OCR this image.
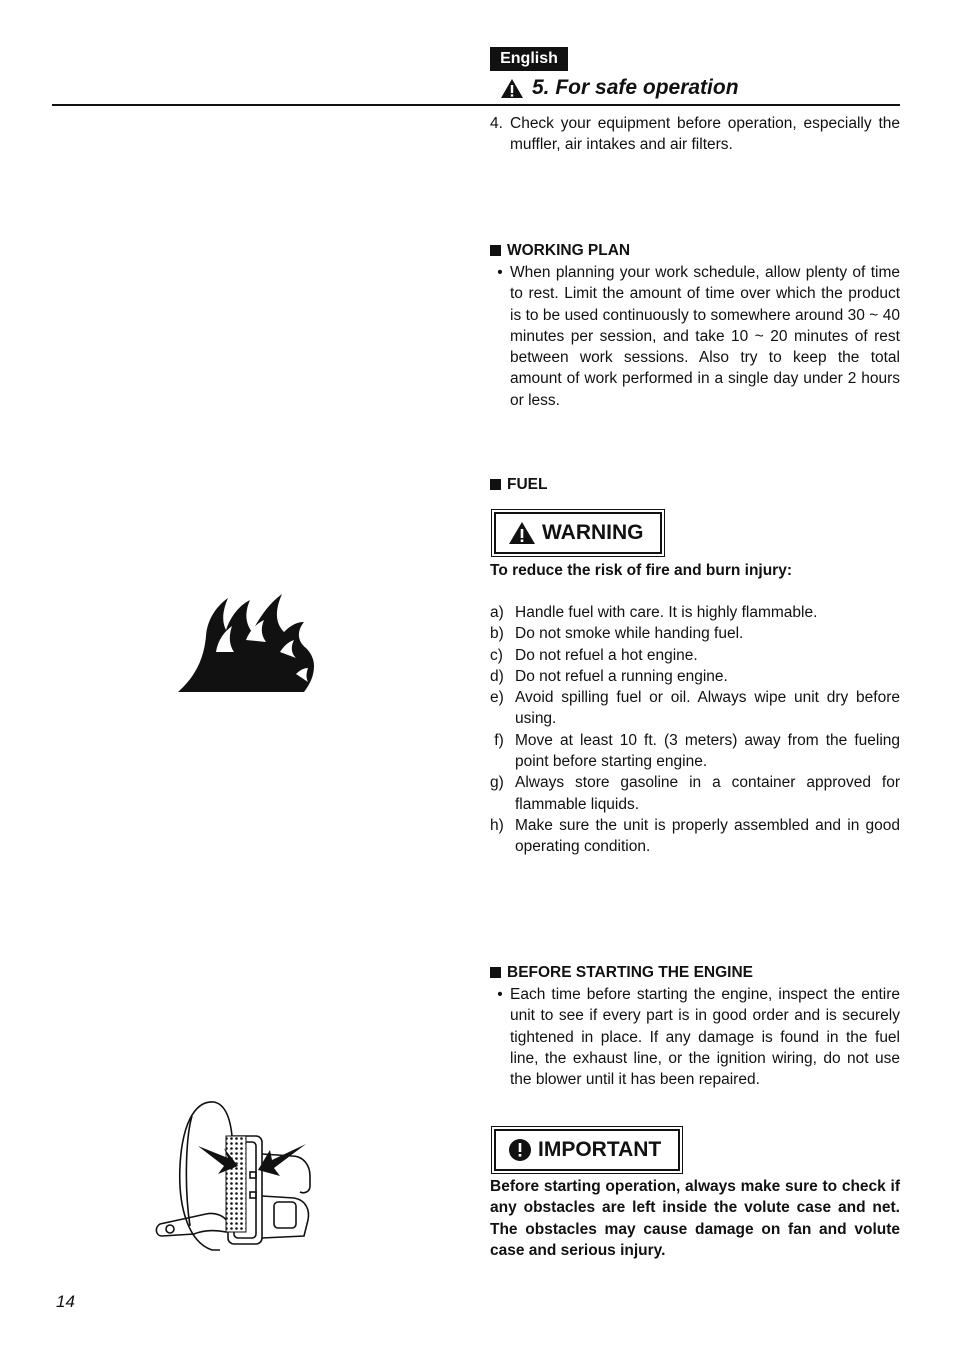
English
5. For safe operation
4. Check your equipment before operation, especially the muffler, air intakes and air filters.
WORKING PLAN
• When planning your work schedule, allow plenty of time to rest. Limit the amount of time over which the product is to be used continuously to somewhere around 30 ~ 40 minutes per session, and take 10 ~ 20 minutes of rest between work sessions. Also try to keep the total amount of work performed in a single day under 2 hours or less.
FUEL
WARNING
To reduce the risk of fire and burn injury:
a) Handle fuel with care. It is highly flammable.
b) Do not smoke while handing fuel.
c) Do not refuel a hot engine.
d) Do not refuel a running engine.
e) Avoid spilling fuel or oil. Always wipe unit dry before using.
f) Move at least 10 ft. (3 meters) away from the fueling point before starting engine.
g) Always store gasoline in a container approved for flammable liquids.
h) Make sure the unit is properly assembled and in good operating condition.
BEFORE STARTING THE ENGINE
• Each time before starting the engine, inspect the entire unit to see if every part is in good order and is securely tightened in place. If any damage is found in the fuel line, the exhaust line, or the ignition wiring, do not use the blower until it has been repaired.
IMPORTANT
Before starting operation, always make sure to check if any obstacles are left inside the volute case and net. The obstacles may cause damage on fan and volute case and serious injury.
14
